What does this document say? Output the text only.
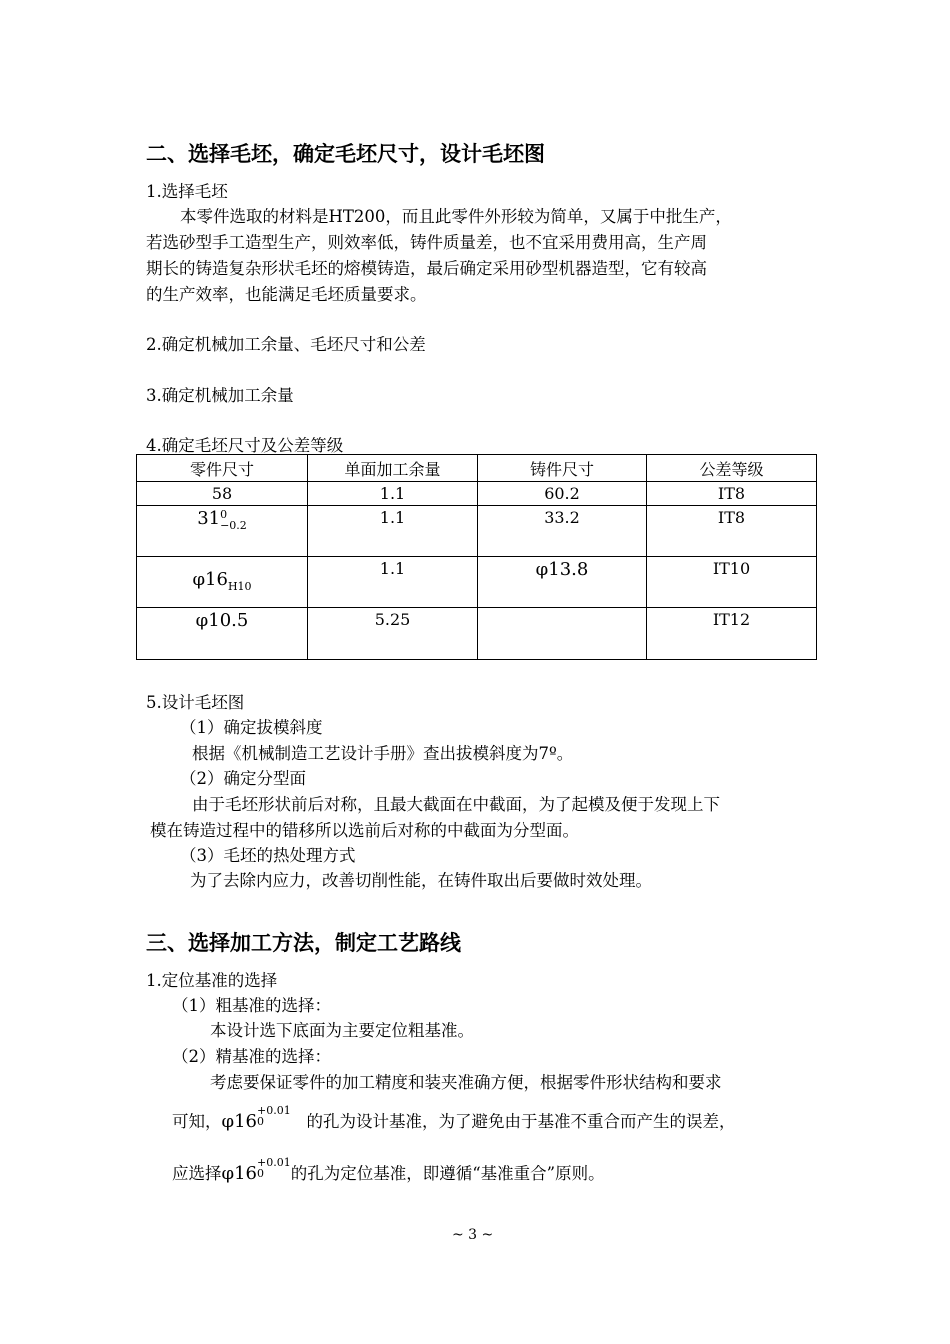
二、选择毛坯，确定毛坯尺寸，设计毛坯图
1.选择毛坯
本零件选取的材料是HT200，而且此零件外形较为简单，又属于中批生产，
若选砂型手工造型生产，则效率低，铸件质量差，也不宜采用费用高，生产周
期长的铸造复杂形状毛坯的熔模铸造，最后确定采用砂型机器造型，它有较高
的生产效率，也能满足毛坯质量要求。
2.确定机械加工余量、毛坯尺寸和公差
3.确定机械加工余量
4.确定毛坯尺寸及公差等级
零件尺寸	单面加工余量	铸件尺寸	公差等级
58	1.1	60.2	IT8
310
−0.2	1.1	33.2	IT8
$\varphi 16_{H10}$	1.1	φ13.8	IT10
φ10.5	5.25		IT12
5.设计毛坯图
（1）确定拔模斜度
根据《机械制造工艺设计手册》查出拔模斜度为7º。
（2）确定分型面
由于毛坯形状前后对称，且最大截面在中截面，为了起模及便于发现上下
模在铸造过程中的错移所以选前后对称的中截面为分型面。
（3）毛坯的热处理方式
为了去除内应力，改善切削性能，在铸件取出后要做时效处理。
三、选择加工方法，制定工艺路线
1.定位基准的选择
（1）粗基准的选择：
本设计选下底面为主要定位粗基准。
（2）精基准的选择：
考虑要保证零件的加工精度和装夹准确方便，根据零件形状结构和要求
可知，φ16+0.01
0	的孔为设计基准，为了避免由于基准不重合而产生的误差，
应选择φ16+0.01
0 的孔为定位基准，即遵循“基准重合”原则。
~ 3 ~
